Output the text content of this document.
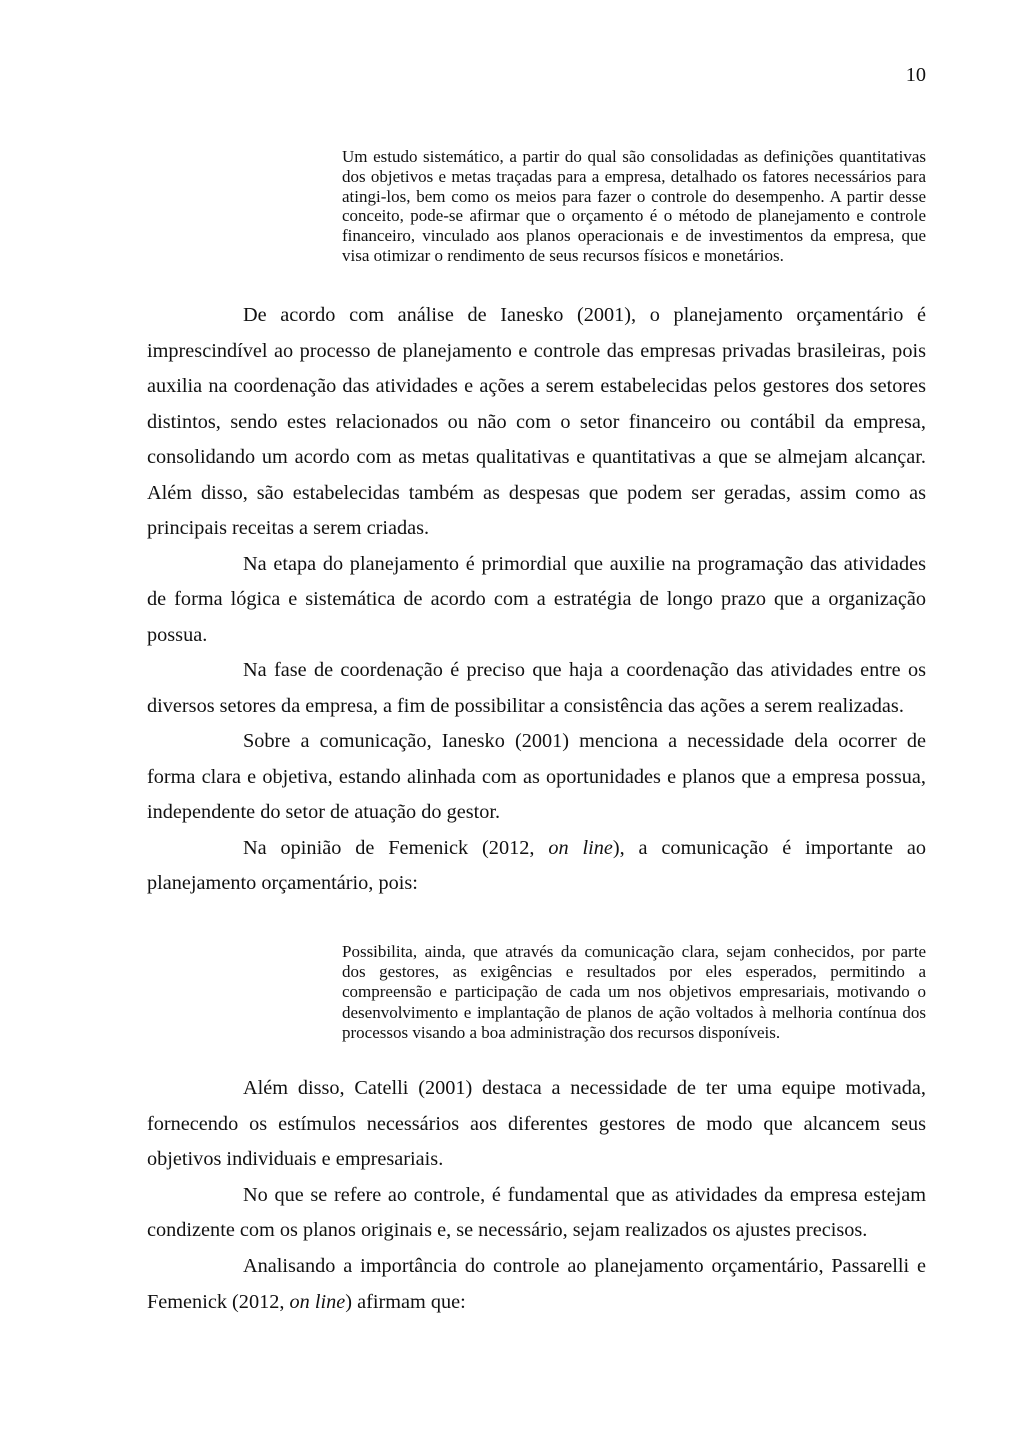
10
Um estudo sistemático, a partir do qual são consolidadas as definições quantitativas
dos objetivos e metas traçadas para a empresa, detalhado os fatores necessários para
atingi-los, bem como os meios para fazer o controle do desempenho. A partir desse
conceito, pode-se afirmar que o orçamento é o método de planejamento e controle
financeiro, vinculado aos planos operacionais e de investimentos da empresa, que
visa otimizar o rendimento de seus recursos físicos e monetários.
De acordo com análise de Ianesko (2001), o planejamento orçamentário é
imprescindível ao processo de planejamento e controle das empresas privadas brasileiras, pois
auxilia na coordenação das atividades e ações a serem estabelecidas pelos gestores dos setores
distintos, sendo estes relacionados ou não com o setor financeiro ou contábil da empresa,
consolidando um acordo com as metas qualitativas e quantitativas a que se almejam alcançar.
Além disso, são estabelecidas também as despesas que podem ser geradas, assim como as
principais receitas a serem criadas.
Na etapa do planejamento é primordial que auxilie na programação das atividades
de forma lógica e sistemática de acordo com a estratégia de longo prazo que a organização
possua.
Na fase de coordenação é preciso que haja a coordenação das atividades entre os
diversos setores da empresa, a fim de possibilitar a consistência das ações a serem realizadas.
Sobre a comunicação, Ianesko (2001) menciona a necessidade dela ocorrer de
forma clara e objetiva, estando alinhada com as oportunidades e planos que a empresa possua,
independente do setor de atuação do gestor.
Na opinião de Femenick (2012, on line), a comunicação é importante ao
planejamento orçamentário, pois:
Possibilita, ainda, que através da comunicação clara, sejam conhecidos, por parte
dos gestores, as exigências e resultados por eles esperados, permitindo a
compreensão e participação de cada um nos objetivos empresariais, motivando o
desenvolvimento e implantação de planos de ação voltados à melhoria contínua dos
processos visando a boa administração dos recursos disponíveis.
Além disso, Catelli (2001) destaca a necessidade de ter uma equipe motivada,
fornecendo os estímulos necessários aos diferentes gestores de modo que alcancem seus
objetivos individuais e empresariais.
No que se refere ao controle, é fundamental que as atividades da empresa estejam
condizente com os planos originais e, se necessário, sejam realizados os ajustes precisos.
Analisando a importância do controle ao planejamento orçamentário, Passarelli e
Femenick (2012, on line) afirmam que:
